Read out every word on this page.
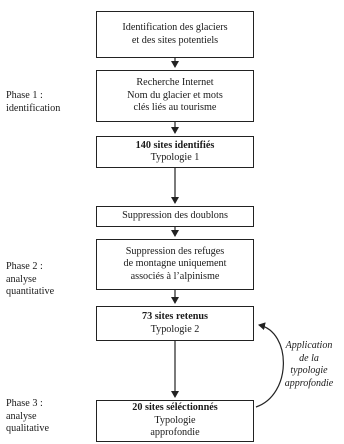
Identification des glaciers
et des sites potentiels
Recherche Internet
Nom du glacier et mots
clés liés au tourisme
140 sites identifiés
Typologie 1
Suppression des doublons
Suppression des refuges
de montagne uniquement
associés à l’alpinisme
73 sites retenus
Typologie 2
20 sites séléctionnés
Typologie
approfondie
Phase 1 :
identification
Phase 2 :
analyse
quantitative
Phase 3 :
analyse
qualitative
Application
de la
typologie
approfondie
